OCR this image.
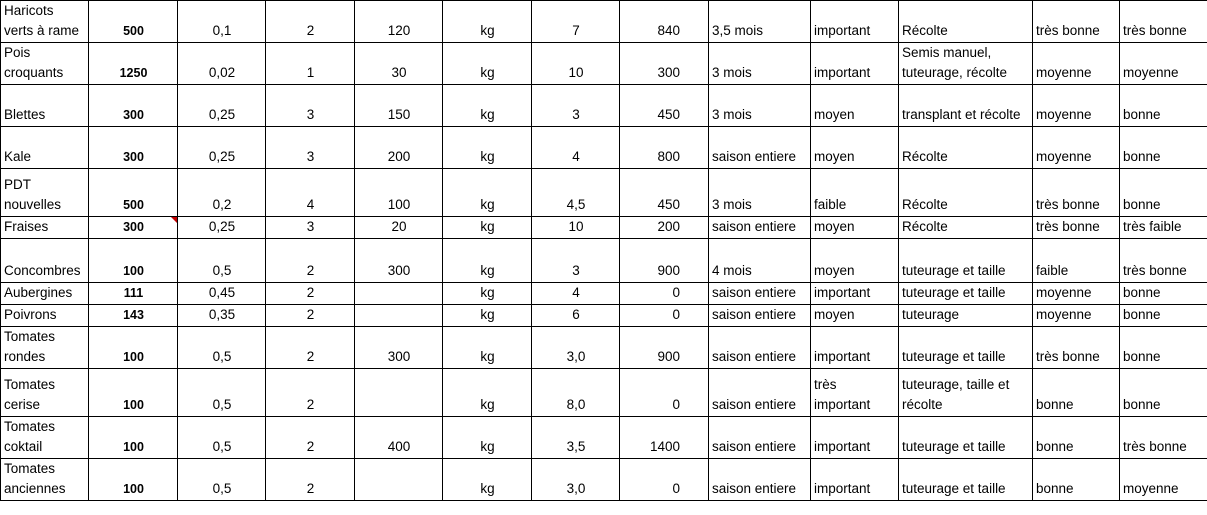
Haricots verts à rame	500	0,1	2	120	kg	7	840	3,5 mois	important	Récolte	très bonne	très bonne
Pois croquants	1250	0,02	1	30	kg	10	300	3 mois	important	Semis manuel, tuteurage, récolte	moyenne	moyenne
Blettes	300	0,25	3	150	kg	3	450	3 mois	moyen	transplant et récolte	moyenne	bonne
Kale	300	0,25	3	200	kg	4	800	saison entiere	moyen	Récolte	moyenne	bonne
PDT nouvelles	500	0,2	4	100	kg	4,5	450	3 mois	faible	Récolte	très bonne	bonne
Fraises	300	0,25	3	20	kg	10	200	saison entiere	moyen	Récolte	très bonne	très faible
Concombres	100	0,5	2	300	kg	3	900	4 mois	moyen	tuteurage et taille	faible	très bonne
Aubergines	111	0,45	2		kg	4	0	saison entiere	important	tuteurage et taille	moyenne	bonne
Poivrons	143	0,35	2		kg	6	0	saison entiere	moyen	tuteurage	moyenne	bonne
Tomates rondes	100	0,5	2	300	kg	3,0	900	saison entiere	important	tuteurage et taille	très bonne	bonne
Tomates cerise	100	0,5	2		kg	8,0	0	saison entiere	très important	tuteurage, taille et récolte	bonne	bonne
Tomates coktail	100	0,5	2	400	kg	3,5	1400	saison entiere	important	tuteurage et taille	bonne	très bonne
Tomates anciennes	100	0,5	2		kg	3,0	0	saison entiere	important	tuteurage et taille	bonne	moyenne
